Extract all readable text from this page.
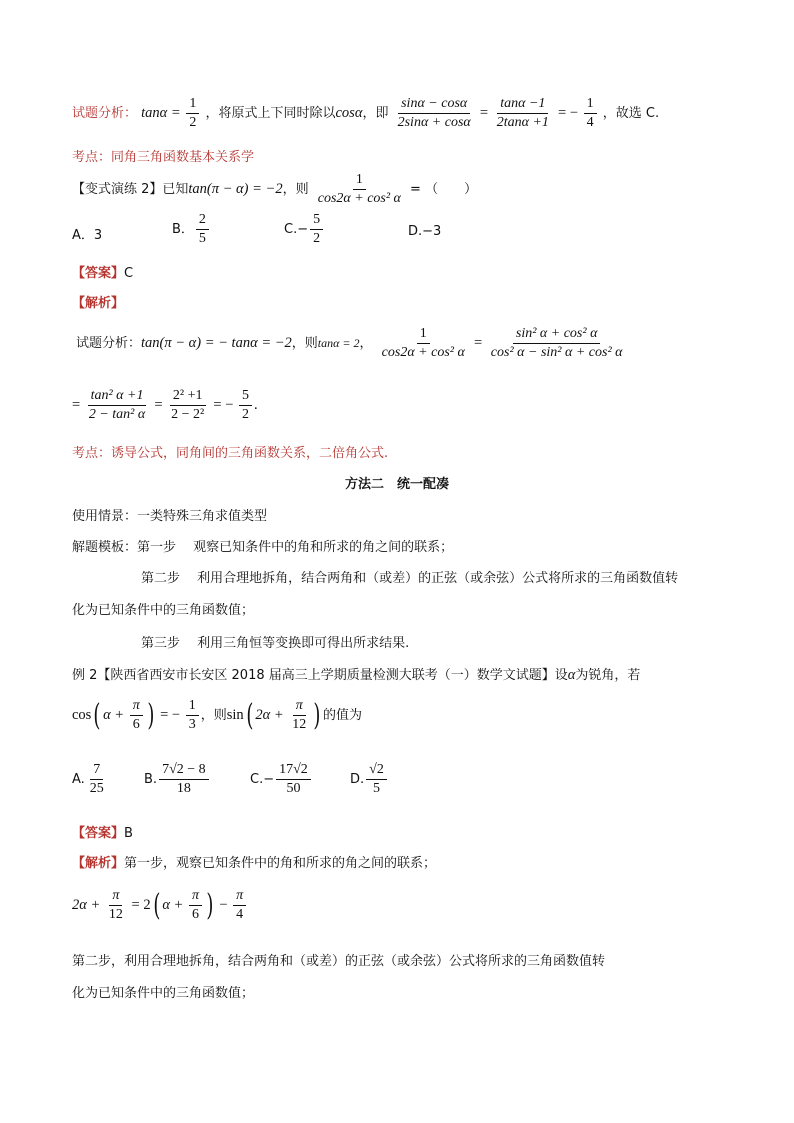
试题分析： $\tan\alpha = \frac{1}{2}$ ，将原式上下同时除以cosα，即 $\frac{\sin\alpha - \cos\alpha}{2\sin\alpha + \cos\alpha} = \frac{\tan\alpha -1}{2\tan\alpha +1}$ = − $\frac{1}{4}$ ，故选 C.
考点：同角三角函数基本关系学
【变式演练 2】已知tan(π − α) = −2，则 $\frac{1}{\text{cos2α + cos² α}}$ = （　　）
A．3	B． $\frac{2}{5}$	$C.- \frac{5}{2}$	D.−3
【答案】C
【解析】
试题分析：tan(π − α) = − tanα = −2，则tanα = 2， $\frac{1}{\text{cos2α + cos² α}} = \frac{\text{sin² α + cos² α}}{\text{cos² α − sin² α + cos² α}}$
= $\frac{\text{tan² α +1}}{\text{2 − tan² α}} = \frac{\text{2² +1}}{\text{2 − 2²}}$ = − $\frac{5}{2}$ .
考点：诱导公式，同角间的三角函数关系，二倍角公式.
方法二　统一配凑
使用情景：一类特殊三角求值类型
解题模板：第一步　 观察已知条件中的角和所求的角之间的联系；
第二步　 利用合理地拆角，结合两角和（或差）的正弦（或余弦）公式将所求的三角函数值转
化为已知条件中的三角函数值；
第三步　 利用三角恒等变换即可得出所求结果.
例 2【陕西省西安市长安区 2018 届高三上学期质量检测大联考（一）数学文试题】设α为锐角，若
cos( $\alpha + \frac{\pi}{6}$ ) = − $\frac{1}{3}$ ，则sin( $2\alpha + \frac{\pi}{12}$ ) 的值为
A. $\frac{7}{25}$	B. $\frac{7√2 - 8}{18}$	$C.- \frac{17√2}{50}$	D. $\frac{√2}{5}$
【答案】B
【解析】第一步，观察已知条件中的角和所求的角之间的联系；
$2\alpha + \frac{\pi}{12} = 2$( $\alpha + \frac{\pi}{6}$ ) − $\frac{\pi}{4}$
第二步，利用合理地拆角，结合两角和（或差）的正弦（或余弦）公式将所求的三角函数值转
化为已知条件中的三角函数值；
